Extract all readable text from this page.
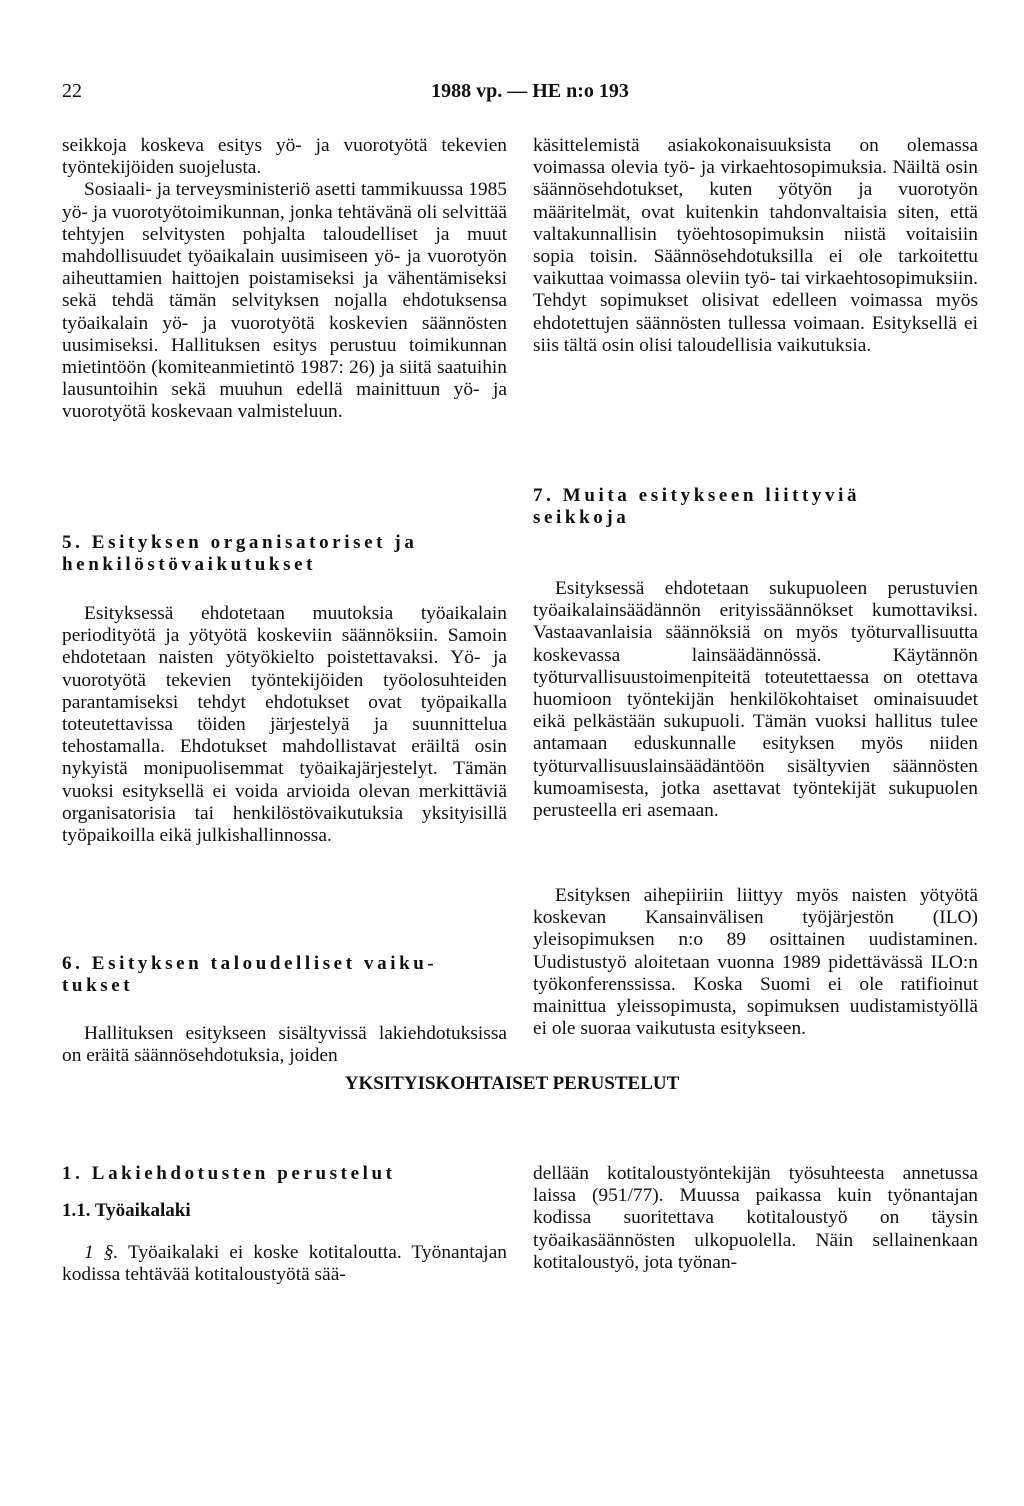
22	1988 vp. — HE n:o 193

seikkoja koskeva esitys yö- ja vuorotyötä tekevien työntekijöiden suojelusta.

Sosiaali- ja terveysministeriö asetti tammikuussa 1985 yö- ja vuorotyötoimikunnan, jonka tehtävänä oli selvittää tehtyjen selvitysten pohjalta taloudelliset ja muut mahdollisuudet työaikalain uusimiseen yö- ja vuorotyön aiheuttamien haittojen poistamiseksi ja vähentämiseksi sekä tehdä tämän selvityksen nojalla ehdotuksensa työaikalain yö- ja vuorotyötä koskevien säännösten uusimiseksi. Hallituksen esitys perustuu toimikunnan mietintöön (komiteanmietintö 1987: 26) ja siitä saatuihin lausuntoihin sekä muuhun edellä mainittuun yö- ja vuorotyötä koskevaan valmisteluun.

5. Esityksen organisatoriset ja
henkilöstövaikutukset

Esityksessä ehdotetaan muutoksia työaikalain periodityötä ja yötyötä koskeviin säännöksiin. Samoin ehdotetaan naisten yötyökielto poistettavaksi. Yö- ja vuorotyötä tekevien työntekijöiden työolosuhteiden parantamiseksi tehdyt ehdotukset ovat työpaikalla toteutettavissa töiden järjestelyä ja suunnittelua tehostamalla. Ehdotukset mahdollistavat eräiltä osin nykyistä monipuolisemmat työaikajärjestelyt. Tämän vuoksi esityksellä ei voida arvioida olevan merkittäviä organisatorisia tai henkilöstövaikutuksia yksityisillä työpaikoilla eikä julkishallinnossa.

6. Esityksen taloudelliset vaiku-
tukset

Hallituksen esitykseen sisältyvissä lakiehdotuksissa on eräitä säännösehdotuksia, joiden

käsittelemistä asiakokonaisuuksista on olemassa voimassa olevia työ- ja virkaehtosopimuksia. Näiltä osin säännösehdotukset, kuten yötyön ja vuorotyön määritelmät, ovat kuitenkin tahdonvaltaisia siten, että valtakunnallisin työehtosopimuksin niistä voitaisiin sopia toisin. Säännösehdotuksilla ei ole tarkoitettu vaikuttaa voimassa oleviin työ- tai virkaehtosopimuksiin. Tehdyt sopimukset olisivat edelleen voimassa myös ehdotettujen säännösten tullessa voimaan. Esityksellä ei siis tältä osin olisi taloudellisia vaikutuksia.

7. Muita esitykseen liittyviä
seikkoja

Esityksessä ehdotetaan sukupuoleen perustuvien työaikalainsäädännön erityissäännökset kumottaviksi. Vastaavanlaisia säännöksiä on myös työturvallisuutta koskevassa lainsäädännössä. Käytännön työturvallisuustoimenpiteitä toteutettaessa on otettava huomioon työntekijän henkilökohtaiset ominaisuudet eikä pelkästään sukupuoli. Tämän vuoksi hallitus tulee antamaan eduskunnalle esityksen myös niiden työturvallisuuslainsäädäntöön sisältyvien säännösten kumoamisesta, jotka asettavat työntekijät sukupuolen perusteella eri asemaan.

Esityksen aihepiiriin liittyy myös naisten yötyötä koskevan Kansainvälisen työjärjestön (ILO) yleisopimuksen n:o 89 osittainen uudistaminen. Uudistustyö aloitetaan vuonna 1989 pidettävässä ILO:n työkonferenssissa. Koska Suomi ei ole ratifioinut mainittua yleissopimusta, sopimuksen uudistamistyöllä ei ole suoraa vaikutusta esitykseen.

YKSITYISKOHTAISET PERUSTELUT
1. Lakiehdotusten perustelut
1.1. Työaikalaki

1 §. Työaikalaki ei koske kotitaloutta. Työnantajan kodissa tehtävää kotitaloustyötä sää-

dellään kotitaloustyöntekijän työsuhteesta annetussa laissa (951/77). Muussa paikassa kuin työnantajan kodissa suoritettava kotitaloustyö on täysin työaikasäännösten ulkopuolella. Näin sellainenkaan kotitaloustyö, jota työnan-
